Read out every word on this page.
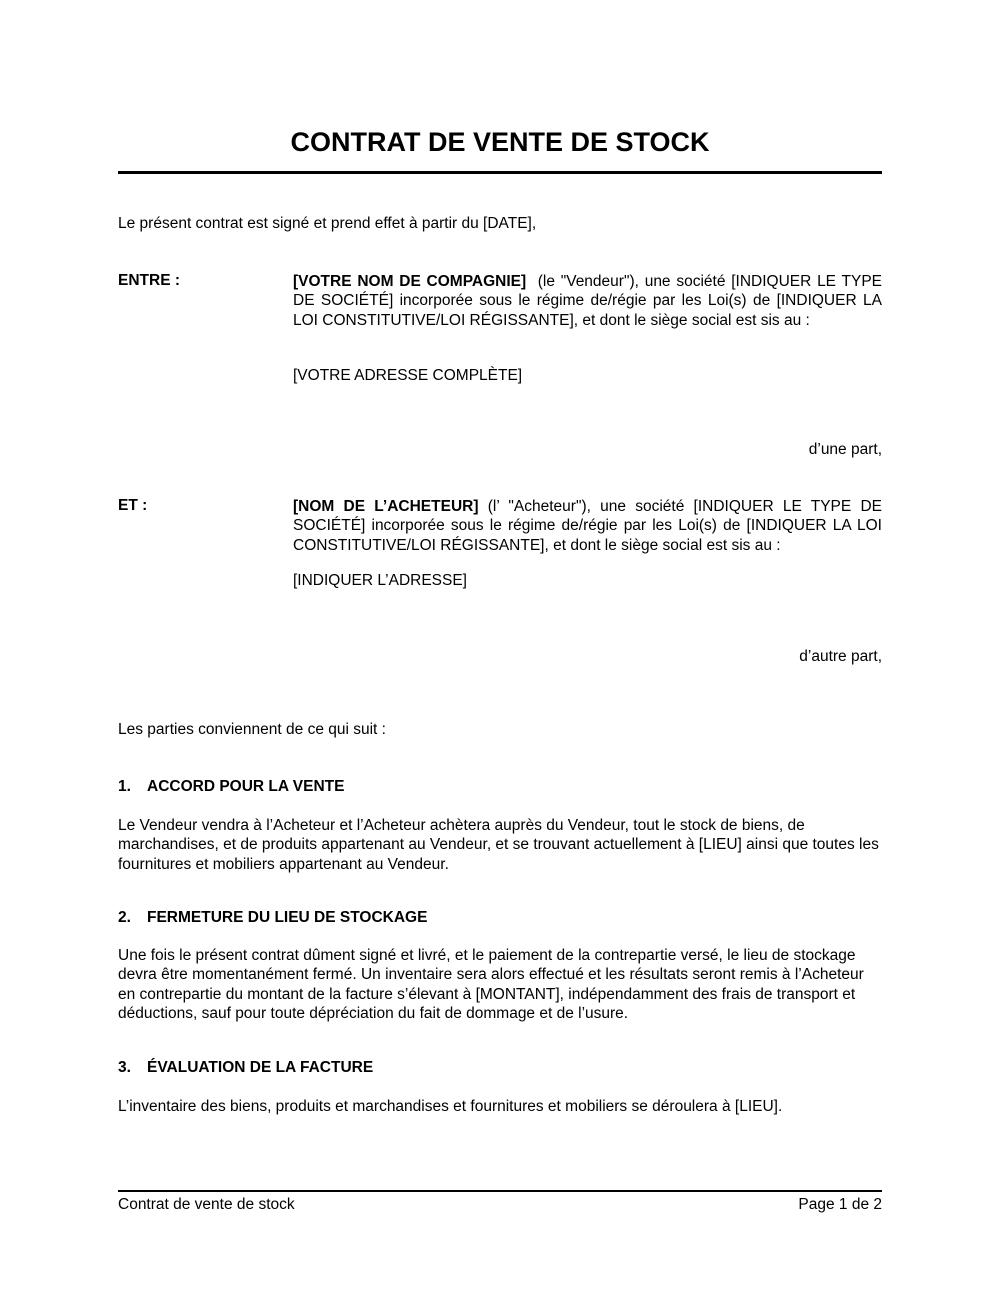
CONTRAT DE VENTE DE STOCK
Le présent contrat est signé et prend effet à partir du [DATE],
ENTRE :	[VOTRE NOM DE COMPAGNIE]  (le "Vendeur"), une société [INDIQUER LE TYPE DE SOCIÉTÉ] incorporée sous le régime de/régie par les Loi(s) de [INDIQUER LA LOI CONSTITUTIVE/LOI RÉGISSANTE], et dont le siège social est sis au :
[VOTRE ADRESSE COMPLÈTE]
d’une part,
ET :	[NOM DE L’ACHETEUR] (l’ "Acheteur"), une société [INDIQUER LE TYPE DE SOCIÉTÉ] incorporée sous le régime de/régie par les Loi(s) de [INDIQUER LA LOI CONSTITUTIVE/LOI RÉGISSANTE], et dont le siège social est sis au :
[INDIQUER L’ADRESSE]
d’autre part,
Les parties conviennent de ce qui suit :
1. ACCORD POUR LA VENTE
Le Vendeur vendra à l’Acheteur et l’Acheteur achètera auprès du Vendeur, tout le stock de biens, de marchandises, et de produits appartenant au Vendeur, et se trouvant actuellement à [LIEU] ainsi que toutes les fournitures et mobiliers appartenant au Vendeur.
2. FERMETURE DU LIEU DE STOCKAGE
Une fois le présent contrat dûment signé et livré, et le paiement de la contrepartie versé, le lieu de stockage devra être momentanément fermé. Un inventaire sera alors effectué et les résultats seront remis à l’Acheteur en contrepartie du montant de la facture s’élevant à [MONTANT], indépendamment des frais de transport et déductions, sauf pour toute dépréciation du fait de dommage et de l’usure.
3. ÉVALUATION DE LA FACTURE
L’inventaire des biens, produits et marchandises et fournitures et mobiliers se déroulera à [LIEU].
Contrat de vente de stock	Page 1 de 2
